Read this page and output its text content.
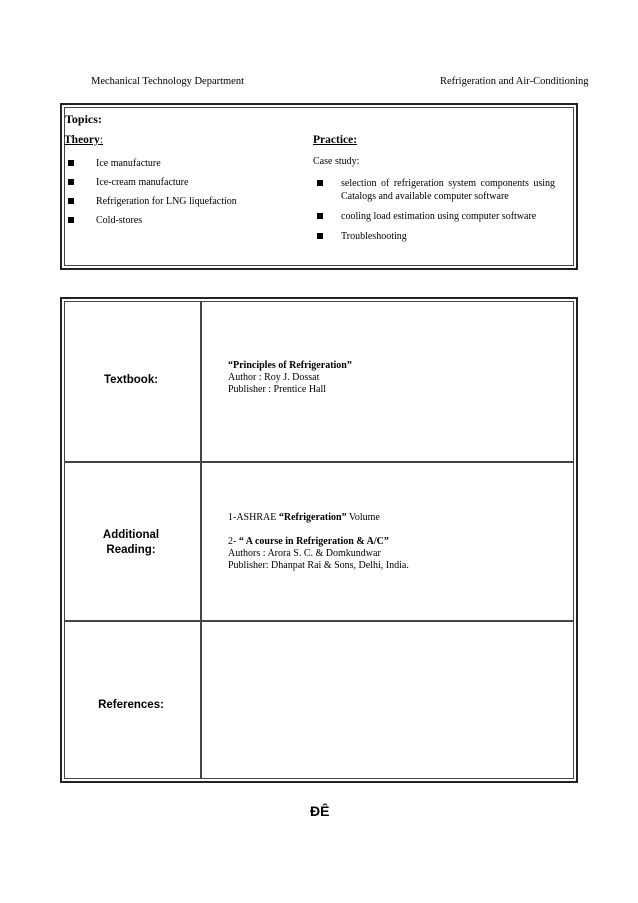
Mechanical Technology Department	Refrigeration and Air-Conditioning
Topics:
Theory:	Practice:
Ice manufacture
Ice-cream manufacture
Refrigeration for LNG liquefaction
Cold-stores
Case study:
selection of refrigeration system components using Catalogs and available computer software
cooling load estimation using computer software
Troubleshooting
Textbook:
“Principles of Refrigeration”
Author : Roy J. Dossat
Publisher : Prentice Hall
Additional
Reading:
1-ASHRAE “Refrigeration” Volume
2- “ A course in Refrigeration & A/C”
Authors : Arora S. C. & Domkundwar
Publisher: Dhanpat Rai & Sons, Delhi, India.
References:
ÐÊ
